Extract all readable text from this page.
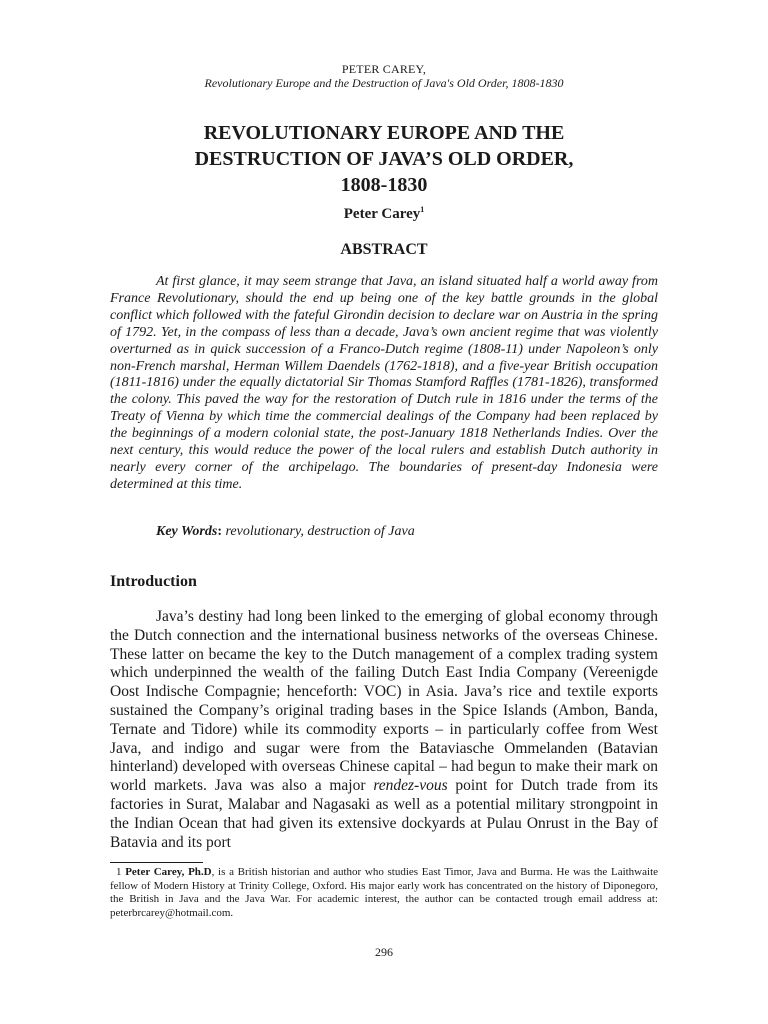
PETER CAREY,
Revolutionary Europe and the Destruction of Java's Old Order, 1808-1830
REVOLUTIONARY EUROPE AND THE
DESTRUCTION OF JAVA’S OLD ORDER,
1808-1830
Peter Carey$^1$
ABSTRACT

At first glance, it may seem strange that Java, an island situated half a world away from France Revolutionary, should the end up being one of the key battle grounds in the global conflict which followed with the fateful Girondin decision to declare war on Austria in the spring of 1792. Yet, in the compass of less than a decade, Java’s own ancient regime that was violently overturned as in quick succession of a Franco-Dutch regime (1808-11) under Napoleon’s only non-French marshal, Herman Willem Daendels (1762-1818), and a five-year British occupation (1811-1816) under the equally dictatorial Sir Thomas Stamford Raffles (1781-1826), transformed the colony. This paved the way for the restoration of Dutch rule in 1816 under the terms of the Treaty of Vienna by which time the commercial dealings of the Company had been replaced by the beginnings of a modern colonial state, the post-January 1818 Netherlands Indies. Over the next century, this would reduce the power of the local rulers and establish Dutch authority in nearly every corner of the archipelago. The boundaries of present-day Indonesia were determined at this time.

Key Words: revolutionary, destruction of Java

Introduction

Java’s destiny had long been linked to the emerging of global economy through the Dutch connection and the international business networks of the overseas Chinese. These latter on became the key to the Dutch management of a complex trading system which underpinned the wealth of the failing Dutch East India Company (Vereenigde Oost Indische Compagnie; henceforth: VOC) in Asia. Java’s rice and textile exports sustained the Company’s original trading bases in the Spice Islands (Ambon, Banda, Ternate and Tidore) while its commodity exports – in particularly coffee from West Java, and indigo and sugar were from the Bataviasche Ommelanden (Batavian hinterland) developed with overseas Chinese capital – had begun to make their mark on world markets. Java was also a major rendez-vous point for Dutch trade from its factories in Surat, Malabar and Nagasaki as well as a potential military strongpoint in the Indian Ocean that had given its extensive dockyards at Pulau Onrust in the Bay of Batavia and its port

1 Peter Carey, Ph.D, is a British historian and author who studies East Timor, Java and Burma. He was the Laithwaite fellow of Modern History at Trinity College, Oxford. His major early work has concentrated on the history of Diponegoro, the British in Java and the Java War. For academic interest, the author can be contacted trough email address at: peterbrcarey@hotmail.com.

296
